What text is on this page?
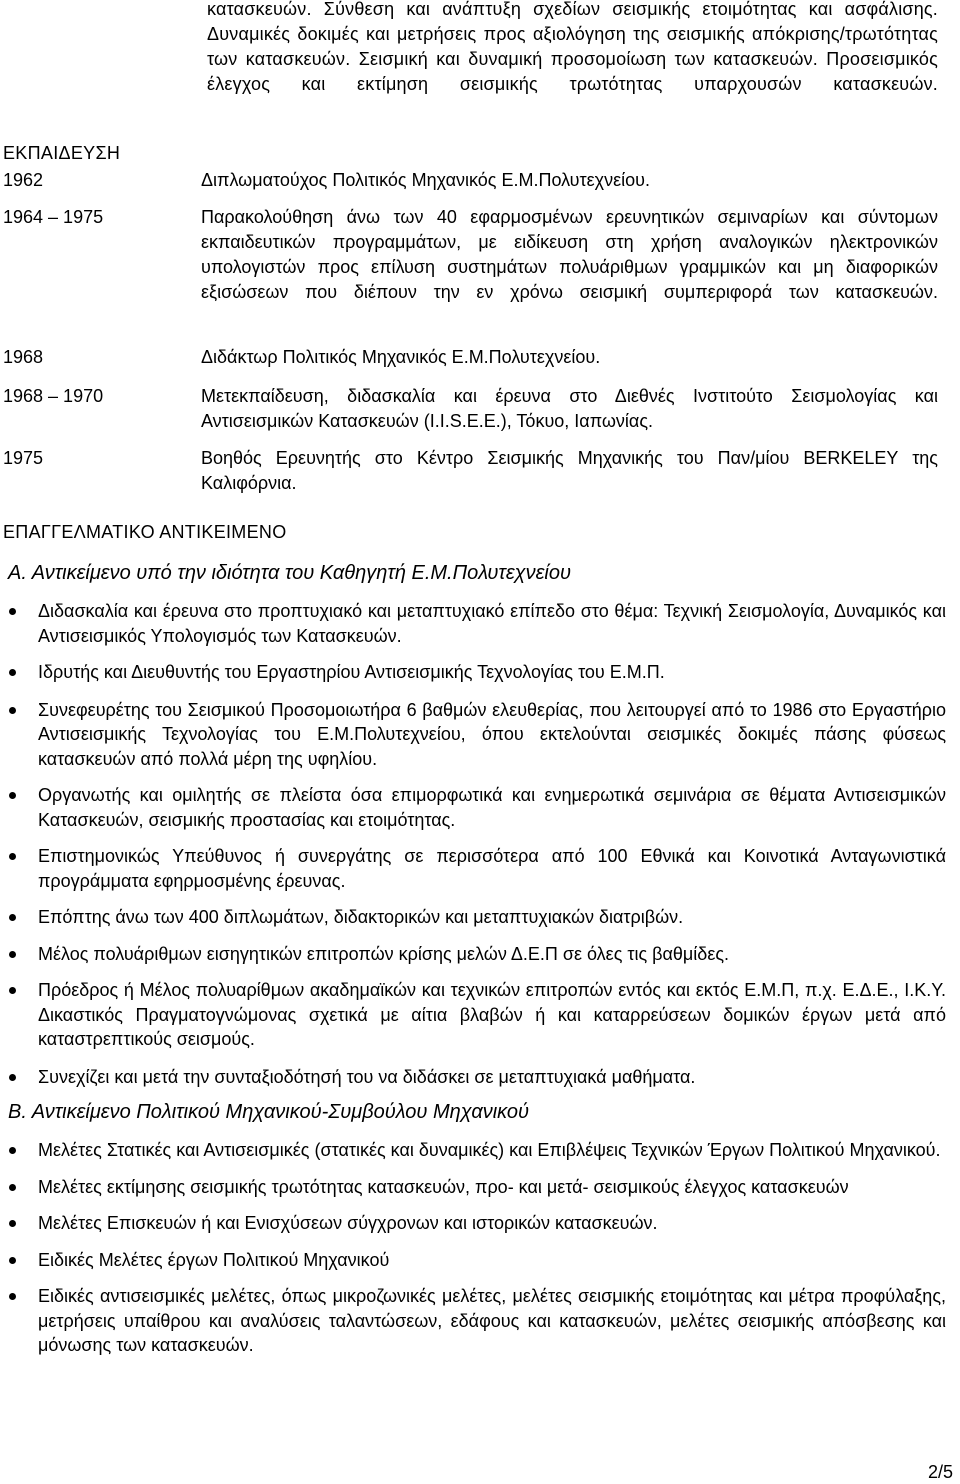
κατασκευών. Σύνθεση και ανάπτυξη σχεδίων σεισμικής ετοιμότητας και ασφάλισης. Δυναμικές δοκιμές και μετρήσεις προς αξιολόγηση της σεισμικής απόκρισης/τρωτότητας των κατασκευών. Σεισμική και δυναμική προσομοίωση των κατασκευών. Προσεισμικός έλεγχος και εκτίμηση σεισμικής τρωτότητας υπαρχουσών κατασκευών.
ΕΚΠΑΙΔΕΥΣΗ
1962	Διπλωματούχος Πολιτικός Μηχανικός Ε.Μ.Πολυτεχνείου.
1964 – 1975	Παρακολούθηση άνω των 40 εφαρμοσμένων ερευνητικών σεμιναρίων και σύντομων εκπαιδευτικών προγραμμάτων, με ειδίκευση στη χρήση αναλογικών ηλεκτρονικών υπολογιστών προς επίλυση συστημάτων πολυάριθμων γραμμικών και μη διαφορικών εξισώσεων που διέπουν την εν χρόνω σεισμική συμπεριφορά των κατασκευών.
1968	Διδάκτωρ Πολιτικός Μηχανικός Ε.Μ.Πολυτεχνείου.
1968 – 1970	Μετεκπαίδευση, διδασκαλία και έρευνα στο Διεθνές Ινστιτούτο Σεισμολογίας και Αντισεισμικών Κατασκευών (I.I.S.E.E.), Τόκυο, Ιαπωνίας.
1975	Βοηθός Ερευνητής στο Κέντρο Σεισμικής Μηχανικής του Παν/μίου BERKELEY της Καλιφόρνια.
ΕΠΑΓΓΕΛΜΑΤΙΚΟ ΑΝΤΙΚΕΙΜΕΝΟ
Α. Αντικείμενο υπό την ιδιότητα του Καθηγητή Ε.Μ.Πολυτεχνείου
Διδασκαλία και έρευνα στο προπτυχιακό και μεταπτυχιακό επίπεδο στο θέμα: Τεχνική Σεισμολογία, Δυναμικός και Αντισεισμικός Υπολογισμός των Κατασκευών.
Ιδρυτής και Διευθυντής του Εργαστηρίου Αντισεισμικής Τεχνολογίας του Ε.Μ.Π.
Συνεφευρέτης του Σεισμικού Προσομοιωτήρα 6 βαθμών ελευθερίας, που λειτουργεί από το 1986 στο Εργαστήριο Αντισεισμικής Τεχνολογίας του Ε.Μ.Πολυτεχνείου, όπου εκτελούνται σεισμικές δοκιμές πάσης φύσεως κατασκευών από πολλά μέρη της υφηλίου.
Οργανωτής και ομιλητής σε πλείστα όσα επιμορφωτικά και ενημερωτικά σεμινάρια σε θέματα Αντισεισμικών Κατασκευών, σεισμικής προστασίας και ετοιμότητας.
Επιστημονικώς Υπεύθυνος ή συνεργάτης σε περισσότερα από 100 Εθνικά και Κοινοτικά Ανταγωνιστικά προγράμματα εφηρμοσμένης έρευνας.
Επόπτης άνω των 400 διπλωμάτων, διδακτορικών και μεταπτυχιακών διατριβών.
Μέλος πολυάριθμων εισηγητικών επιτροπών κρίσης μελών Δ.Ε.Π σε όλες τις βαθμίδες.
Πρόεδρος ή Μέλος πολυαρίθμων ακαδημαϊκών και τεχνικών επιτροπών εντός και εκτός Ε.Μ.Π, π.χ. Ε.Δ.Ε., Ι.Κ.Υ. Δικαστικός Πραγματογνώμονας σχετικά με αίτια βλαβών ή και καταρρεύσεων δομικών έργων μετά από καταστρεπτικούς σεισμούς.
Συνεχίζει και μετά την συνταξιοδότησή του να διδάσκει σε μεταπτυχιακά μαθήματα.
Β. Αντικείμενο Πολιτικού Μηχανικού-Συμβούλου Μηχανικού
Μελέτες Στατικές και Αντισεισμικές (στατικές και δυναμικές) και Επιβλέψεις Τεχνικών Έργων Πολιτικού Μηχανικού.
Μελέτες εκτίμησης σεισμικής τρωτότητας κατασκευών, προ- και μετά- σεισμικούς έλεγχος κατασκευών
Μελέτες Επισκευών ή και Ενισχύσεων σύγχρονων και ιστορικών κατασκευών.
Ειδικές Μελέτες έργων Πολιτικού Μηχανικού
Ειδικές αντισεισμικές μελέτες, όπως μικροζωνικές μελέτες, μελέτες σεισμικής ετοιμότητας και μέτρα προφύλαξης, μετρήσεις υπαίθρου και αναλύσεις ταλαντώσεων, εδάφους και κατασκευών, μελέτες σεισμικής απόσβεσης και μόνωσης των κατασκευών.
2/5
